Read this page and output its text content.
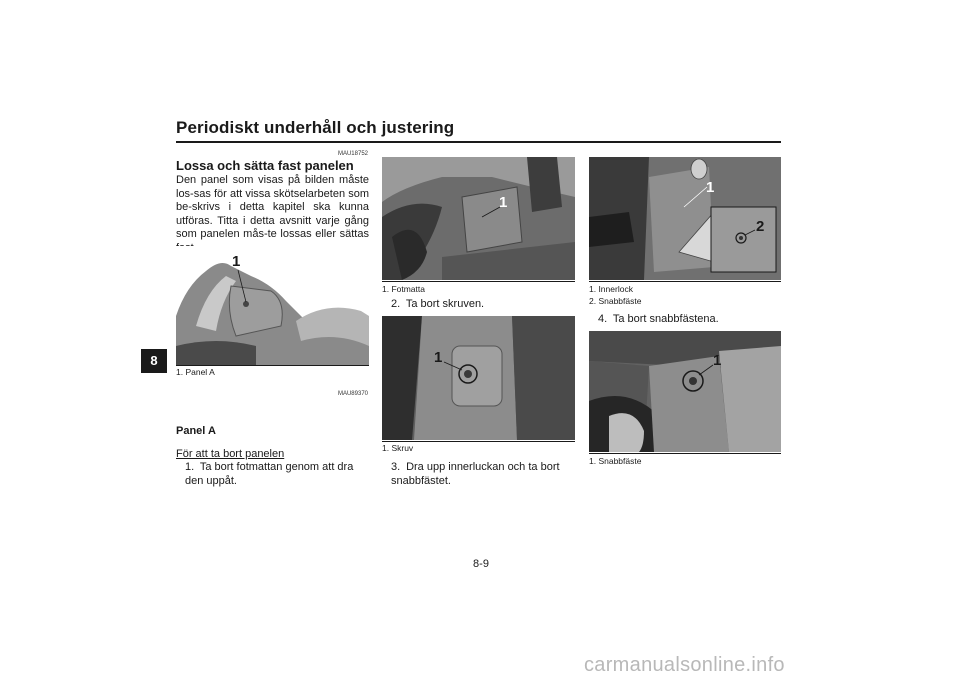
Periodiskt underhåll och justering
8
MAU18752
Lossa och sätta fast panelen
Den panel som visas på bilden måste los-sas för att vissa skötselarbeten som be-skrivs i detta kapitel ska kunna utföras. Titta i detta avsnitt varje gång som panelen mås-te lossas eller sättas
1
1. Panel A
MAU89370
Panel A
För att ta bort panelen
1. Ta bort fotmattan genom att dra den uppåt.
1
1. Fotmatta
2. Ta bort skruven.
1
1. Skruv
3. Dra upp innerluckan och ta bort snabbfästet.
1
2
1. Innerlock
2. Snabbfäste
4. Ta bort snabbfästena.
1
1. Snabbfäste
8-9
carmanualsonline.info
